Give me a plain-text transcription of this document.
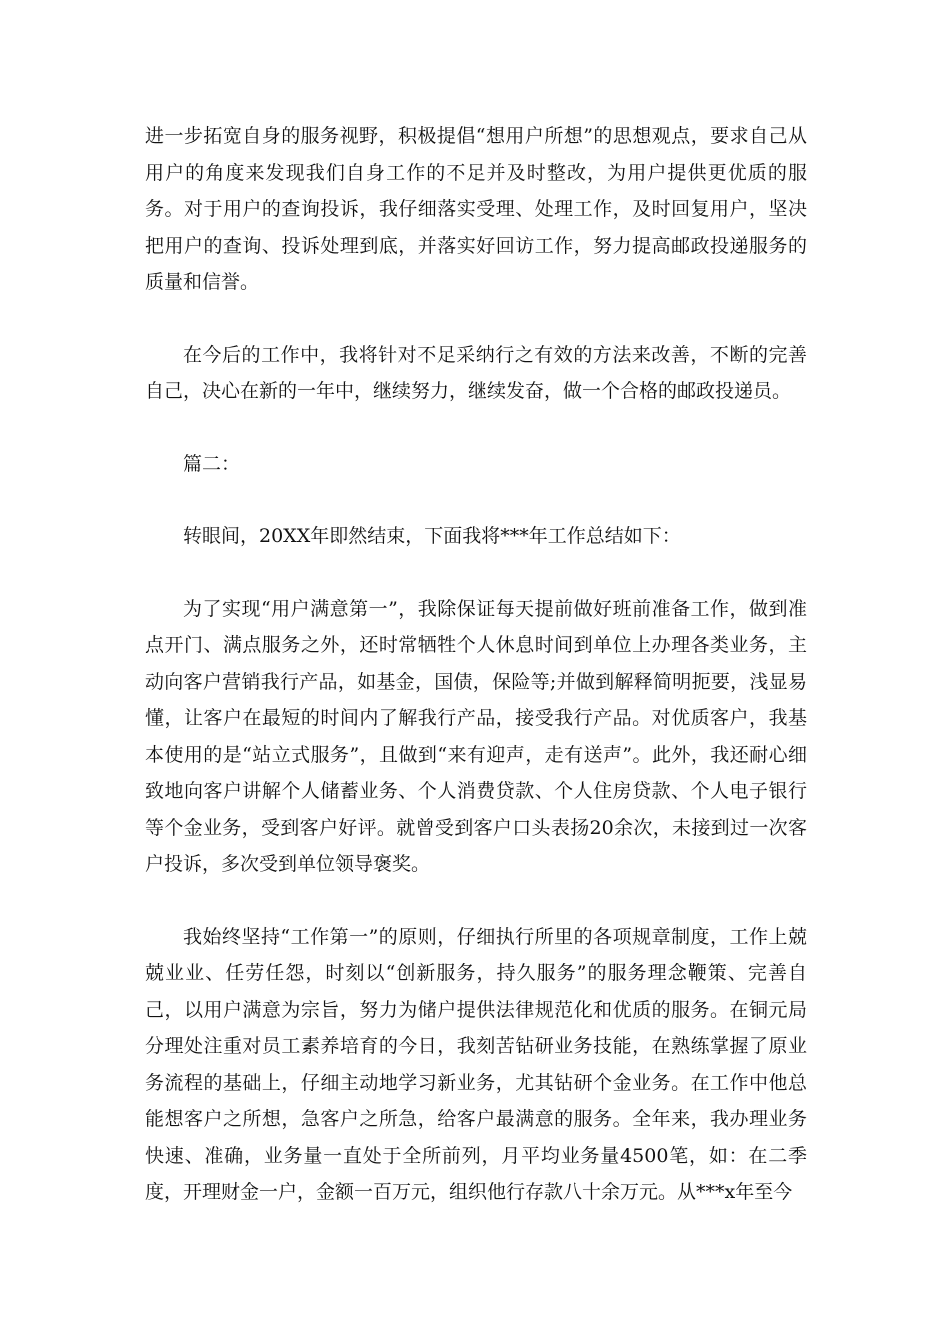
进一步拓宽自身的服务视野，积极提倡“想用户所想”的思想观点，要求自己从用户的角度来发现我们自身工作的不足并及时整改，为用户提供更优质的服务。对于用户的查询投诉，我仔细落实受理、处理工作，及时回复用户，坚决把用户的查询、投诉处理到底，并落实好回访工作，努力提高邮政投递服务的质量和信誉。

在今后的工作中，我将针对不足采纳行之有效的方法来改善，不断的完善自己，决心在新的一年中，继续努力，继续发奋，做一个合格的邮政投递员。

篇二：

转眼间，20XX年即然结束，下面我将***年工作总结如下：

为了实现“用户满意第一”，我除保证每天提前做好班前准备工作，做到准点开门、满点服务之外，还时常牺牲个人休息时间到单位上办理各类业务，主动向客户营销我行产品，如基金，国债，保险等;并做到解释简明扼要，浅显易懂，让客户在最短的时间内了解我行产品，接受我行产品。对优质客户，我基本使用的是“站立式服务”，且做到“来有迎声，走有送声”。此外，我还耐心细致地向客户讲解个人储蓄业务、个人消费贷款、个人住房贷款、个人电子银行等个金业务，受到客户好评。就曾受到客户口头表扬20余次，未接到过一次客户投诉，多次受到单位领导褒奖。

我始终坚持“工作第一”的原则，仔细执行所里的各项规章制度，工作上兢兢业业、任劳任怨，时刻以“创新服务，持久服务”的服务理念鞭策、完善自己，以用户满意为宗旨，努力为储户提供法律规范化和优质的服务。在铜元局分理处注重对员工素养培育的今日，我刻苦钻研业务技能，在熟练掌握了原业务流程的基础上，仔细主动地学习新业务，尤其钻研个金业务。在工作中他总能想客户之所想，急客户之所急，给客户最满意的服务。全年来，我办理业务快速、准确，业务量一直处于全所前列，月平均业务量4500笔，如：在二季度，开理财金一户，金额一百万元，组织他行存款八十余万元。从***x年至今
